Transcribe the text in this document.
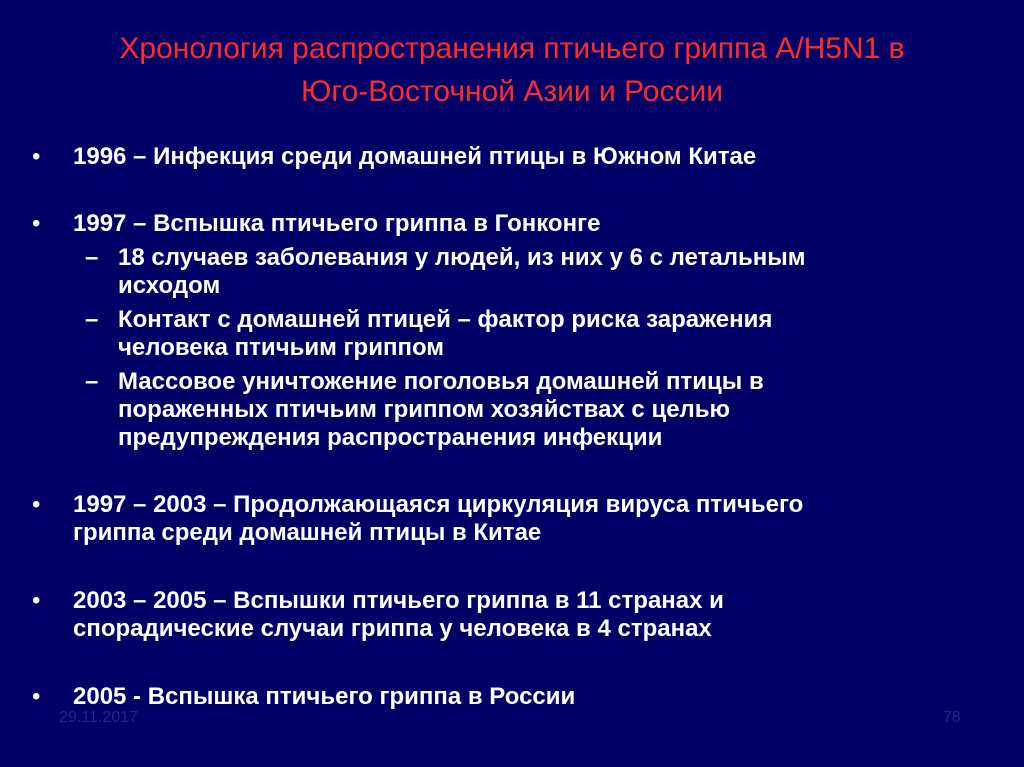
Хронология распространения птичьего гриппа A/H5N1 в
Юго-Восточной Азии и России
• 1996 – Инфекция среди домашней птицы в Южном Китае
• 1997 – Вспышка птичьего гриппа в Гонконге
– 18 случаев заболевания у людей, из них у 6 с летальным
исходом
– Контакт с домашней птицей – фактор риска заражения
человека птичьим гриппом
– Массовое уничтожение поголовья домашней птицы в
пораженных птичьим гриппом хозяйствах с целью
предупреждения распространения инфекции
• 1997 – 2003 – Продолжающаяся циркуляция вируса птичьего
гриппа среди домашней птицы в Китае
• 2003 – 2005 – Вспышки птичьего гриппа в 11 странах и
спорадические случаи гриппа у человека в 4 странах
• 2005 - Вспышка птичьего гриппа в России
29.11.2017	78
